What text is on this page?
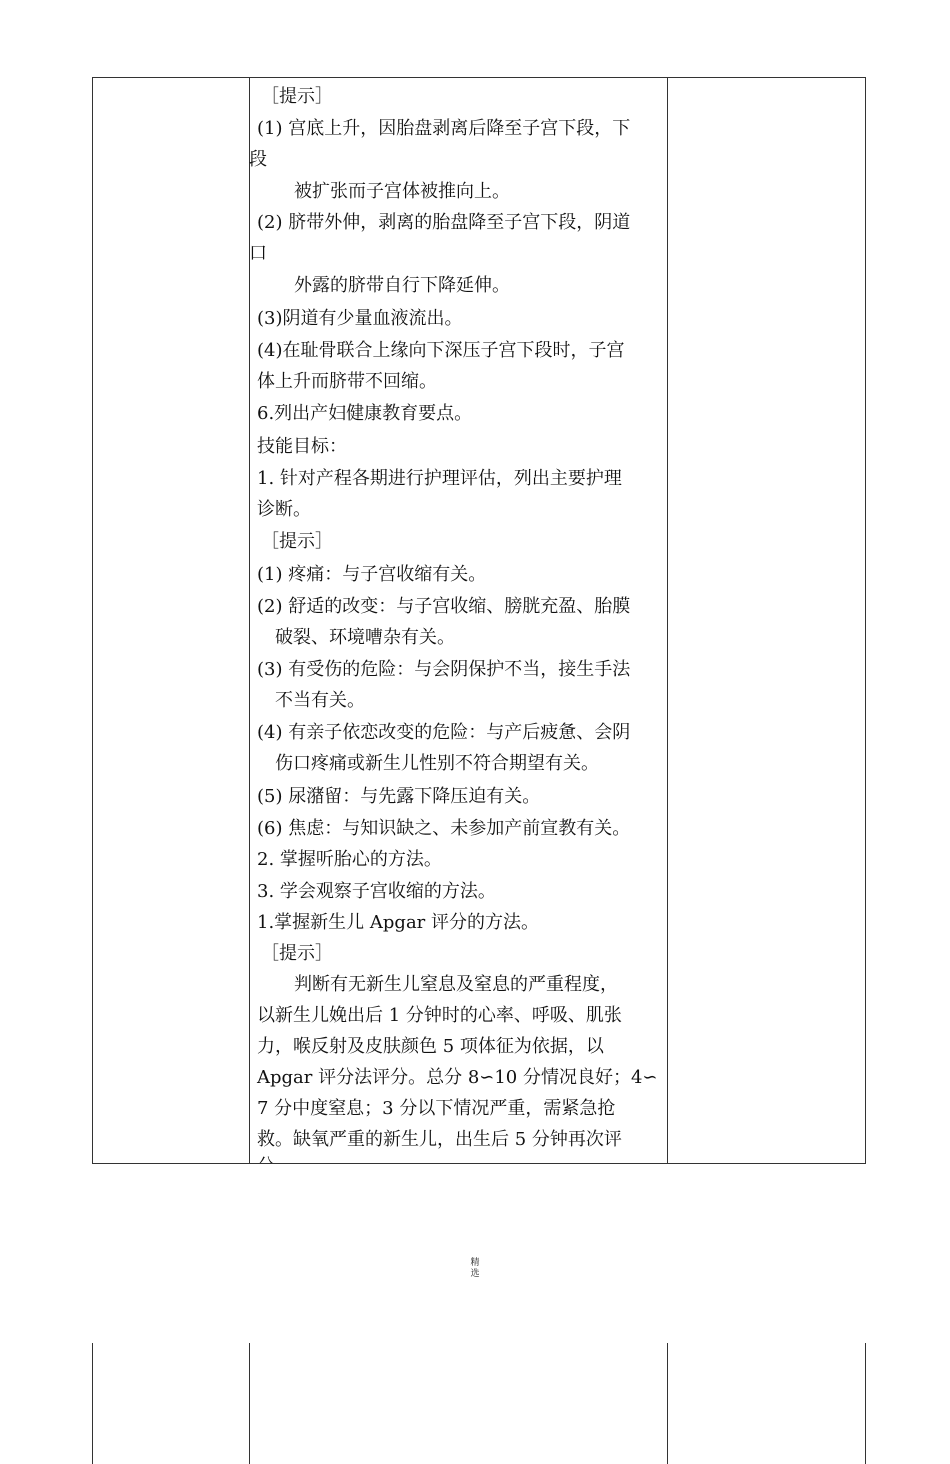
［提示］
(1) 宫底上升，因胎盘剥离后降至子宫下段，下
段
被扩张而子宫体被推向上。
(2) 脐带外伸，剥离的胎盘降至子宫下段，阴道
口
外露的脐带自行下降延伸。
(3)阴道有少量血液流出。
(4)在耻骨联合上缘向下深压子宫下段时，子宫
体上升而脐带不回缩。
6.列出产妇健康教育要点。
技能目标：
1. 针对产程各期进行护理评估，列出主要护理
诊断。
［提示］
(1) 疼痛：与子宫收缩有关。
(2) 舒适的改变：与子宫收缩、膀胱充盈、胎膜
破裂、环境嘈杂有关。
(3) 有受伤的危险：与会阴保护不当，接生手法
不当有关。
(4) 有亲子依恋改变的危险：与产后疲惫、会阴
伤口疼痛或新生儿性别不符合期望有关。
(5) 尿潴留：与先露下降压迫有关。
(6) 焦虑：与知识缺之、未参加产前宣教有关。
2. 掌握听胎心的方法。
3. 学会观察子宫收缩的方法。
1.掌握新生儿 Apgar 评分的方法。
［提示］
判断有无新生儿窒息及窒息的严重程度，
以新生儿娩出后 1 分钟时的心率、呼吸、肌张
力，喉反射及皮肤颜色 5 项体征为依据，以
Apgar 评分法评分。总分 8∽10 分情况良好；4∽
7 分中度窒息；3 分以下情况严重，需紧急抢
救。缺氧严重的新生儿，出生后 5 分钟再次评
精
选
